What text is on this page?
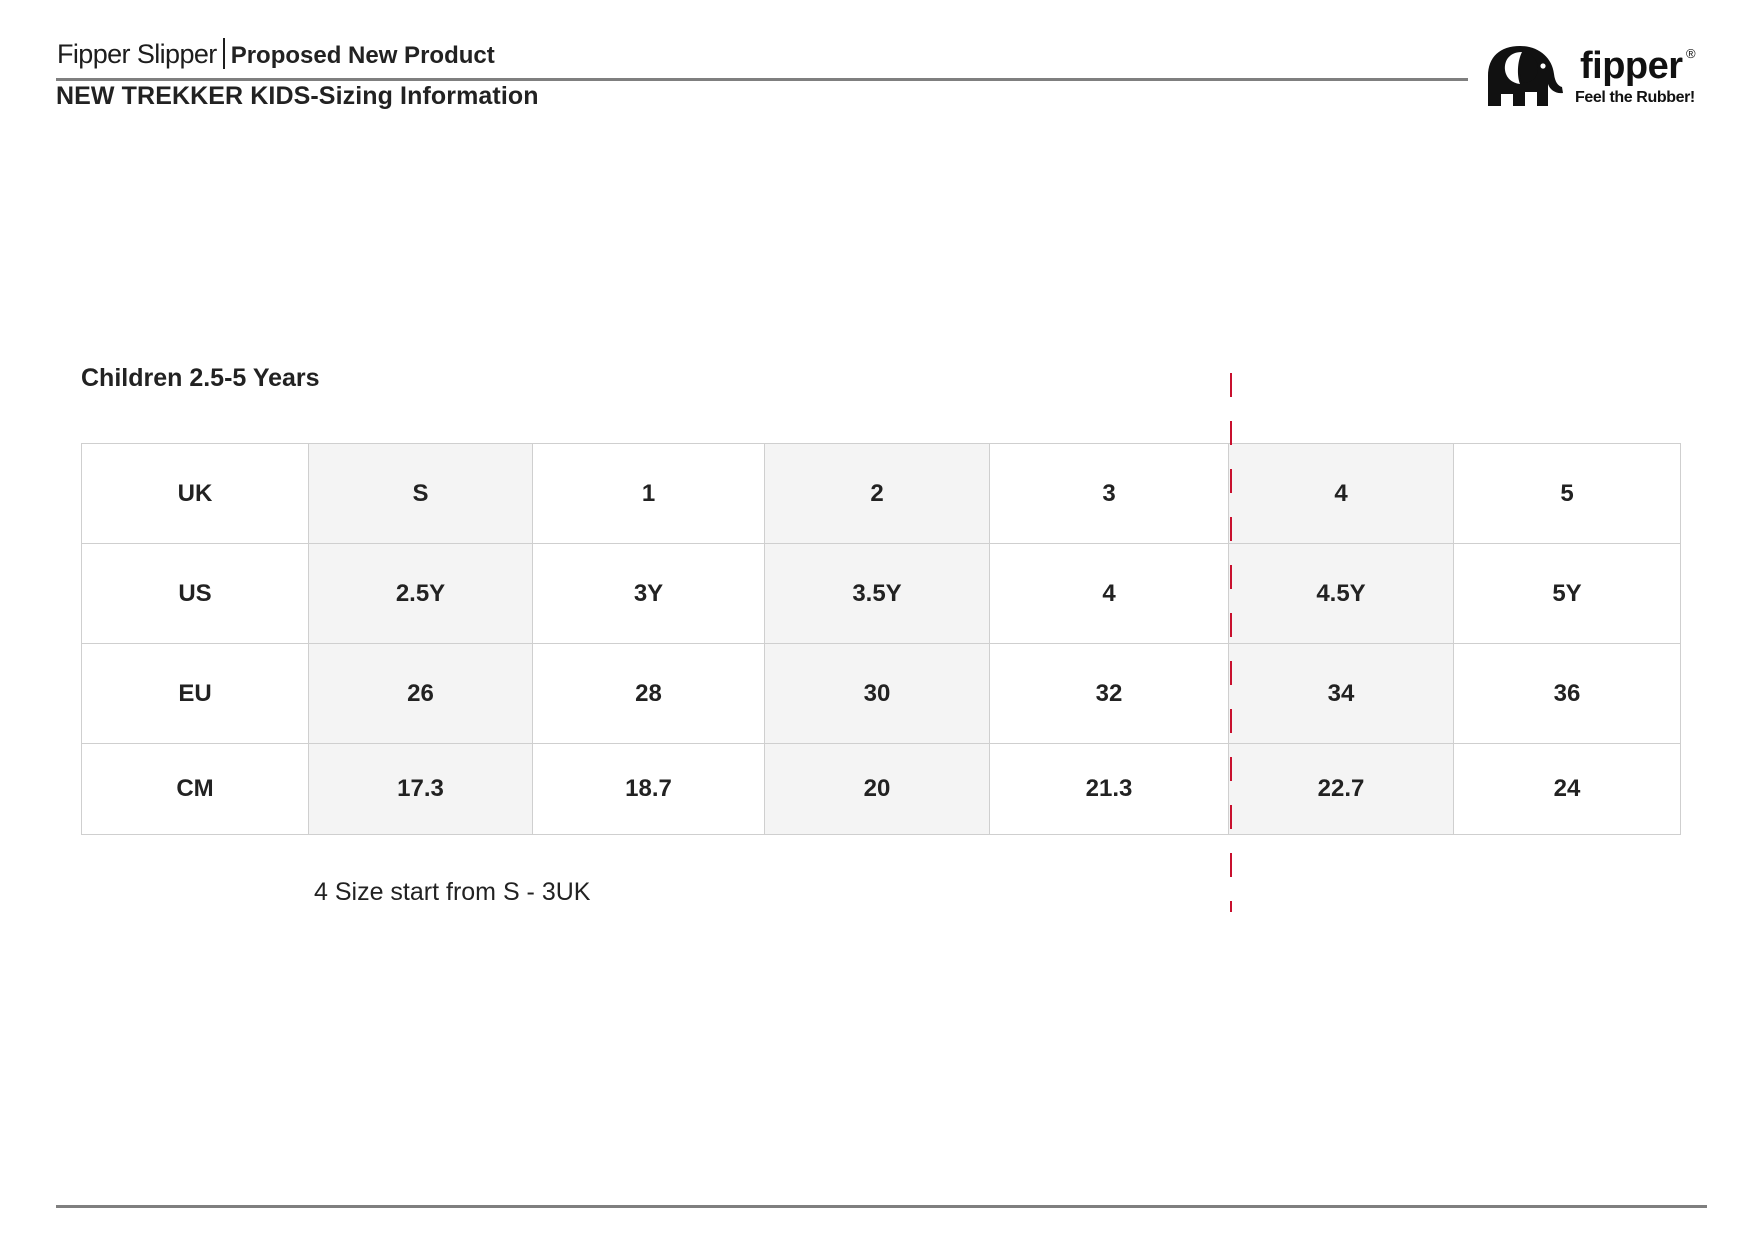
Fipper Slipper Proposed New Product
NEW TREKKER KIDS-Sizing Information
fipper ®
Feel the Rubber!
Children 2.5-5 Years
UK	S	1	2	3	4	5
US	2.5Y	3Y	3.5Y	4	4.5Y	5Y
EU	26	28	30	32	34	36
CM	17.3	18.7	20	21.3	22.7	24
4 Size start from S - 3UK
